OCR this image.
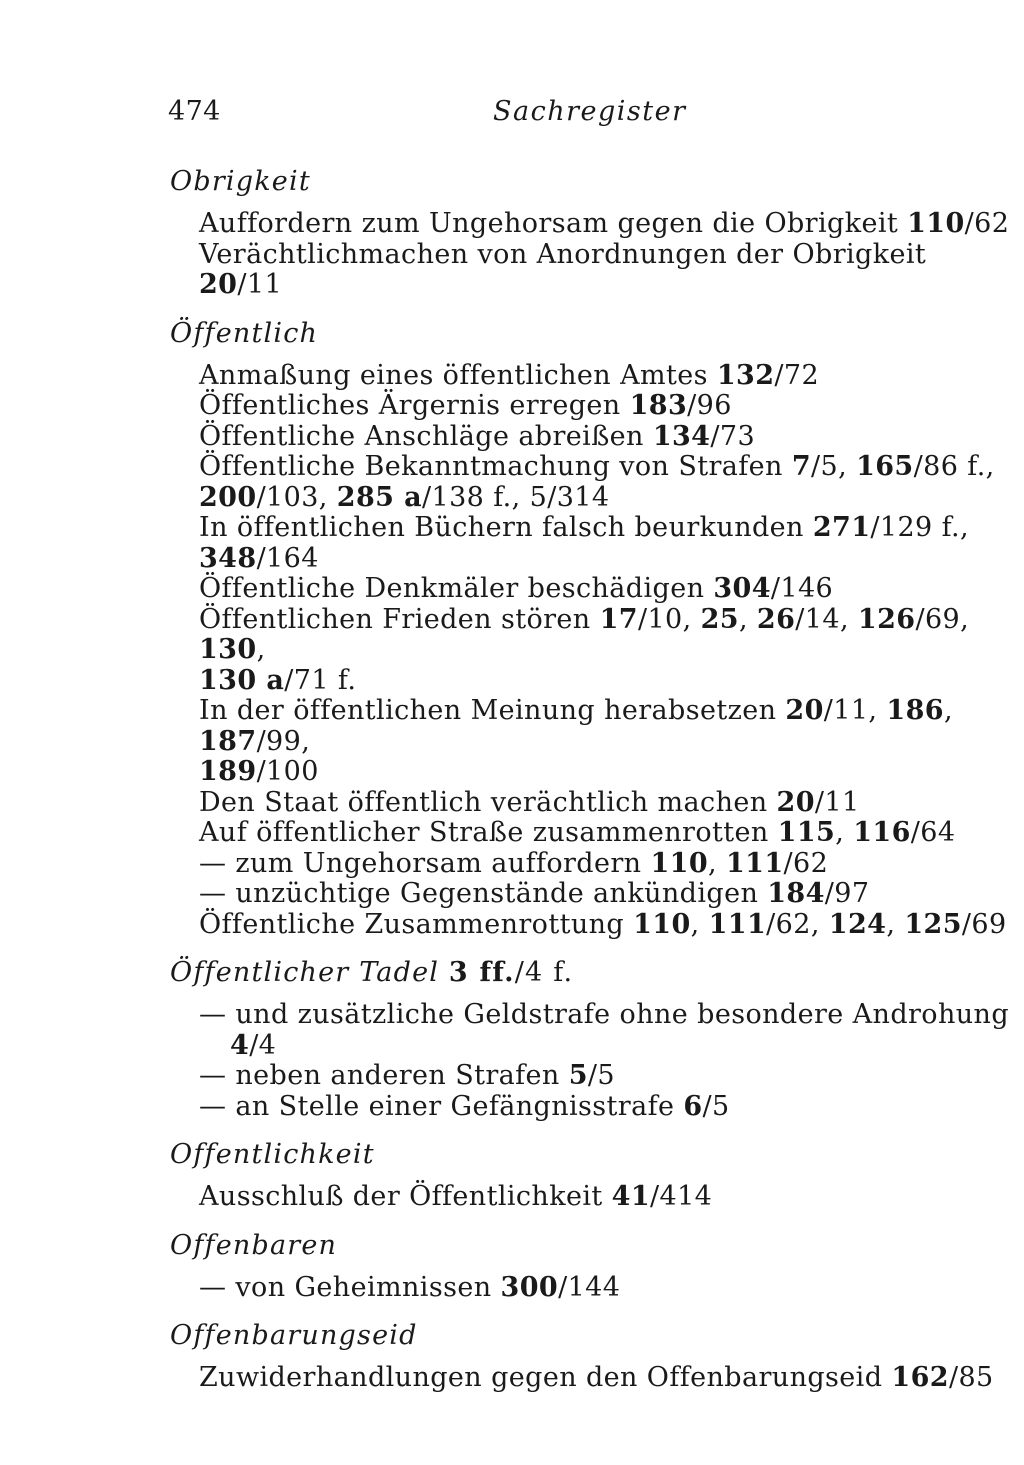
474	Sachregister
Obrigkeit
Auffordern zum Ungehorsam gegen die Obrigkeit 110/62
Verächtlichmachen von Anordnungen der Obrigkeit 20/11
Öffentlich
Anmaßung eines öffentlichen Amtes 132/72
Öffentliches Ärgernis erregen 183/96
Öffentliche Anschläge abreißen 134/73
Öffentliche Bekanntmachung von Strafen 7/5, 165/86 f.,
200/103, 285 a/138 f., 5/314
In öffentlichen Büchern falsch beurkunden 271/129 f.,
348/164
Öffentliche Denkmäler beschädigen 304/146
Öffentlichen Frieden stören 17/10, 25, 26/14, 126/69, 130,
130 a/71 f.
In der öffentlichen Meinung herabsetzen 20/11, 186, 187/99,
189/100
Den Staat öffentlich verächtlich machen 20/11
Auf öffentlicher Straße zusammenrotten 115, 116/64
— zum Ungehorsam auffordern 110, 111/62
— unzüchtige Gegenstände ankündigen 184/97
Öffentliche Zusammenrottung 110, 111/62, 124, 125/69
Öffentlicher Tadel 3 ff./4 f.
— und zusätzliche Geldstrafe ohne besondere Androhung
4/4
— neben anderen Strafen 5/5
— an Stelle einer Gefängnisstrafe 6/5
Offentlichkeit
Ausschluß der Öffentlichkeit 41/414
Offenbaren
— von Geheimnissen 300/144
Offenbarungseid
Zuwiderhandlungen gegen den Offenbarungseid 162/85
